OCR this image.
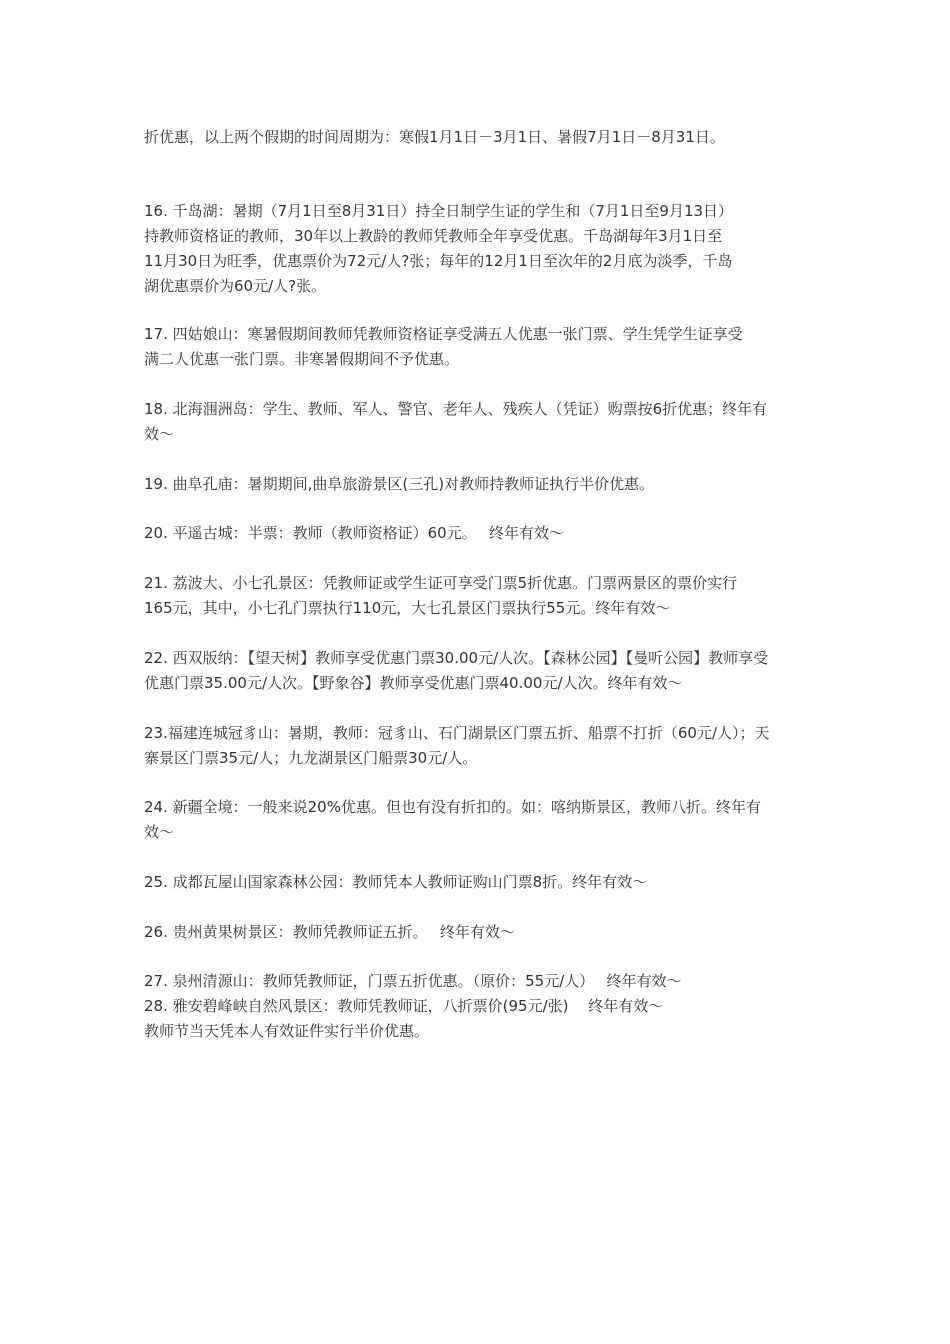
折优惠，以上两个假期的时间周期为：寒假1月1日－3月1日、暑假7月1日－8月31日。

16. 千岛湖：暑期（7月1日至8月31日）持全日制学生证的学生和（7月1日至9月13日）
持教师资格证的教师，30年以上教龄的教师凭教师全年享受优惠。千岛湖每年3月1日至
11月30日为旺季，优惠票价为72元/人?张；每年的12月1日至次年的2月底为淡季，千岛
湖优惠票价为60元/人?张。

17. 四姑娘山：寒暑假期间教师凭教师资格证享受满五人优惠一张门票、学生凭学生证享受
满二人优惠一张门票。非寒暑假期间不予优惠。

18. 北海涠洲岛：学生、教师、军人、警官、老年人、残疾人（凭证）购票按6折优惠；终年有
效～

19. 曲阜孔庙：暑期期间,曲阜旅游景区(三孔)对教师持教师证执行半价优惠。

20. 平遥古城：半票：教师（教师资格证）60元。　 终年有效～

21. 荔波大、小七孔景区：凭教师证或学生证可享受门票5折优惠。门票两景区的票价实行
165元，其中，小七孔门票执行110元，大七孔景区门票执行55元。终年有效～

22. 西双版纳：【望天树】教师享受优惠门票30.00元/人次。【森林公园】【曼听公园】教师享受
优惠门票35.00元/人次。【野象谷】教师享受优惠门票40.00元/人次。终年有效～

23.福建连城冠豸山：暑期，教师：冠豸山、石门湖景区门票五折、船票不打折（60元/人）；天
寨景区门票35元/人；九龙湖景区门船票30元/人。

24. 新疆全境：一般来说20%优惠。但也有没有折扣的。如：喀纳斯景区，教师八折。终年有
效～

25. 成都瓦屋山国家森林公园：教师凭本人教师证购山门票8折。终年有效～

26. 贵州黄果树景区：教师凭教师证五折。　 终年有效～

27. 泉州清源山：教师凭教师证，门票五折优惠。（原价：55元/人）　 终年有效～
28. 雅安碧峰峡自然风景区：教师凭教师证，八折票价(95元/张)　 终年有效～
教师节当天凭本人有效证件实行半价优惠。
